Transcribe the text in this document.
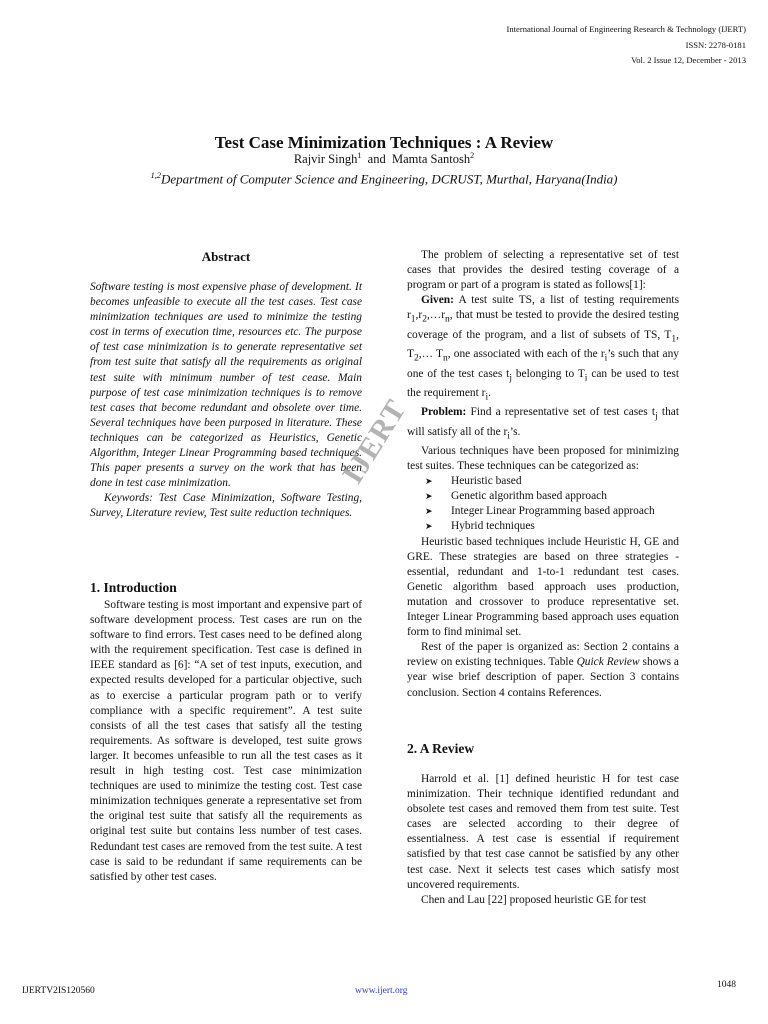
International Journal of Engineering Research & Technology (IJERT)
ISSN: 2278-0181
Vol. 2 Issue 12, December - 2013
Test Case Minimization Techniques : A Review
Rajvir Singh$^1$  and  Mamta Santosh$^2$
$^{1,2}$Department of Computer Science and Engineering, DCRUST, Murthal, Haryana(India)
Abstract

Software testing is most expensive phase of development. It becomes unfeasible to execute all the test cases. Test case minimization techniques are used to minimize the testing cost in terms of execution time, resources etc. The purpose of test case minimization is to generate representative set from test suite that satisfy all the requirements as original test suite with minimum number of test cease. Main purpose of test case minimization techniques is to remove test cases that become redundant and obsolete over time. Several techniques have been purposed in literature. These techniques can be categorized as Heuristics, Genetic Algorithm, Integer Linear Programming based techniques. This paper presents a survey on the work that has been done in test case minimization.

Keywords: Test Case Minimization, Software Testing, Survey, Literature review, Test suite reduction techniques.

1. Introduction

Software testing is most important and expensive part of software development process. Test cases are run on the software to find errors. Test cases need to be defined along with the requirement specification. Test case is defined in IEEE standard as [6]: “A set of test inputs, execution, and expected results developed for a particular objective, such as to exercise a particular program path or to verify compliance with a specific requirement”. A test suite consists of all the test cases that satisfy all the testing requirements. As software is developed, test suite grows larger. It becomes unfeasible to run all the test cases as it result in high testing cost. Test case minimization techniques are used to minimize the testing cost. Test case minimization techniques generate a representative set from the original test suite that satisfy all the requirements as original test suite but contains less number of test cases. Redundant test cases are removed from the test suite. A test case is said to be redundant if same requirements can be satisfied by other test cases.

The problem of selecting a representative set of test cases that provides the desired testing coverage of a program or part of a program is stated as follows[1]:

Given: A test suite TS, a list of testing requirements $r_1,r_2,\dots r_n$, that must be tested to provide the desired testing coverage of the program, and a list of subsets of TS, $T_1$, $T_2,\dots$ $T_n$, one associated with each of the $r_i’s$ such that any one of the test cases $t_j$ belonging to $T_i$ can be used to test the requirement $r_i$.

Problem: Find a representative set of test cases $t_j$ that will satisfy all of the $r_i’s$.

Various techniques have been proposed for minimizing test suites. These techniques can be categorized as:

➤ Heuristic based
➤ Genetic algorithm based approach
➤ Integer Linear Programming based approach
➤ Hybrid techniques

Heuristic based techniques include Heuristic H, GE and GRE. These strategies are based on three strategies - essential, redundant and 1-to-1 redundant test cases. Genetic algorithm based approach uses production, mutation and crossover to produce representative set. Integer Linear Programming based approach uses equation form to find minimal set.

Rest of the paper is organized as: Section 2 contains a review on existing techniques. Table Quick Review shows a year wise brief description of paper. Section 3 contains conclusion. Section 4 contains References.

2. A Review

Harrold et al. [1] defined heuristic H for test case minimization. Their technique identified redundant and obsolete test cases and removed them from test suite. Test cases are selected according to their degree of essentialness. A test case is essential if requirement satisfied by that test case cannot be satisfied by any other test case. Next it selects test cases which satisfy most uncovered requirements.

Chen and Lau [22] proposed heuristic GE for test

IJERT
IJERTV2IS120560	www.ijert.org
1048
